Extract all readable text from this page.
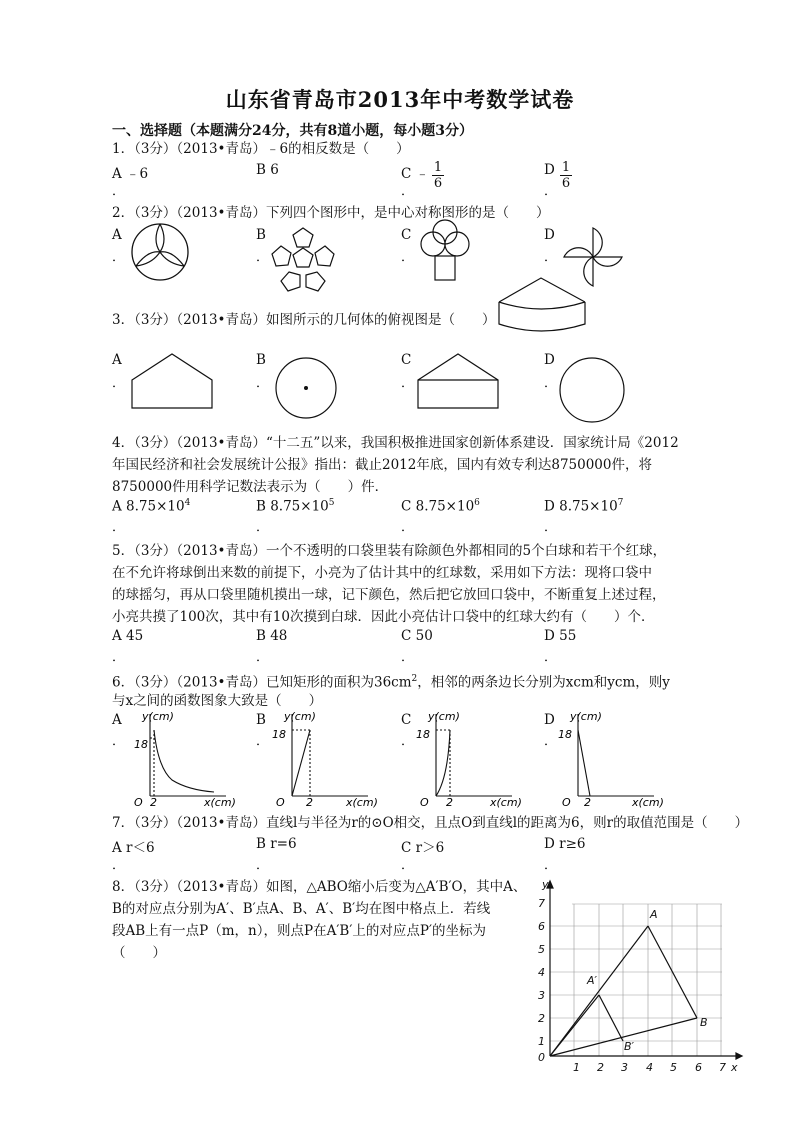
山东省青岛市2013年中考数学试卷
一、选择题（本题满分24分，共有8道小题，每小题3分）
1．（3分）（2013•青岛）﹣6的相反数是（　　）
A ﹣6
．
B 6	C ﹣
．
1
6
D
．
1
6
2．（3分）（2013•青岛）下列四个图形中，是中心对称图形的是（　　）
A
．
B
．
C
．
D
．
3．（3分）（2013•青岛）如图所示的几何体的俯视图是（　　）
A
．
B
．
C
．
D
．
4．（3分）（2013•青岛）“十二五”以来，我国积极推进国家创新体系建设．国家统计局《2012
年国民经济和社会发展统计公报》指出：截止2012年底，国内有效专利达8750000件，将
8750000件用科学记数法表示为（　　）件．
A $8.75\times 10^4$
．
B $8.75\times 10^5$
．
C $8.75\times 10^6$
．
D $8.75\times 10^7$
．
5．（3分）（2013•青岛）一个不透明的口袋里装有除颜色外都相同的5个白球和若干个红球，
在不允许将球倒出来数的前提下，小亮为了估计其中的红球数，采用如下方法：现将口袋中
的球摇匀，再从口袋里随机摸出一球，记下颜色，然后把它放回口袋中，不断重复上述过程，
小亮共摸了100次，其中有10次摸到白球．因此小亮估计口袋中的红球大约有（　　）个．
A 45
．
B 48
．
C 50
．
D 55
．
6．（3分）（2013•青岛）已知矩形的面积为$36cm^2$，相邻的两条边长分别为xcm和ycm，则y
与x之间的函数图象大致是（　　）
A
．
B
．
C
．
D
．
y(cm)
18
O 2	x(cm)
y(cm)
18
O 2	x(cm)
y(cm)
18
O 2	x(cm)
y(cm)
18
O 2	x(cm)
7．（3分）（2013•青岛）直线l与半径为r的⊙O相交，且点O到直线l的距离为6，则r的取值范围是（　　）
A r＜6
．
B r=6
．
C r＞6
．
D r≥6
．
8．（3分）（2013•青岛）如图，△ABO缩小后变为△A′B′O，其中A、
B的对应点分别为A′、B′点A、B、A′、B′均在图中格点上．若线
段AB上有一点P（m，n），则点P在A′B′上的对应点P′的坐标为
（　　）
1 2 3 4 5 6 7 x
1
2
3
4
5
6
7
y
0
A
B
A′
B′
